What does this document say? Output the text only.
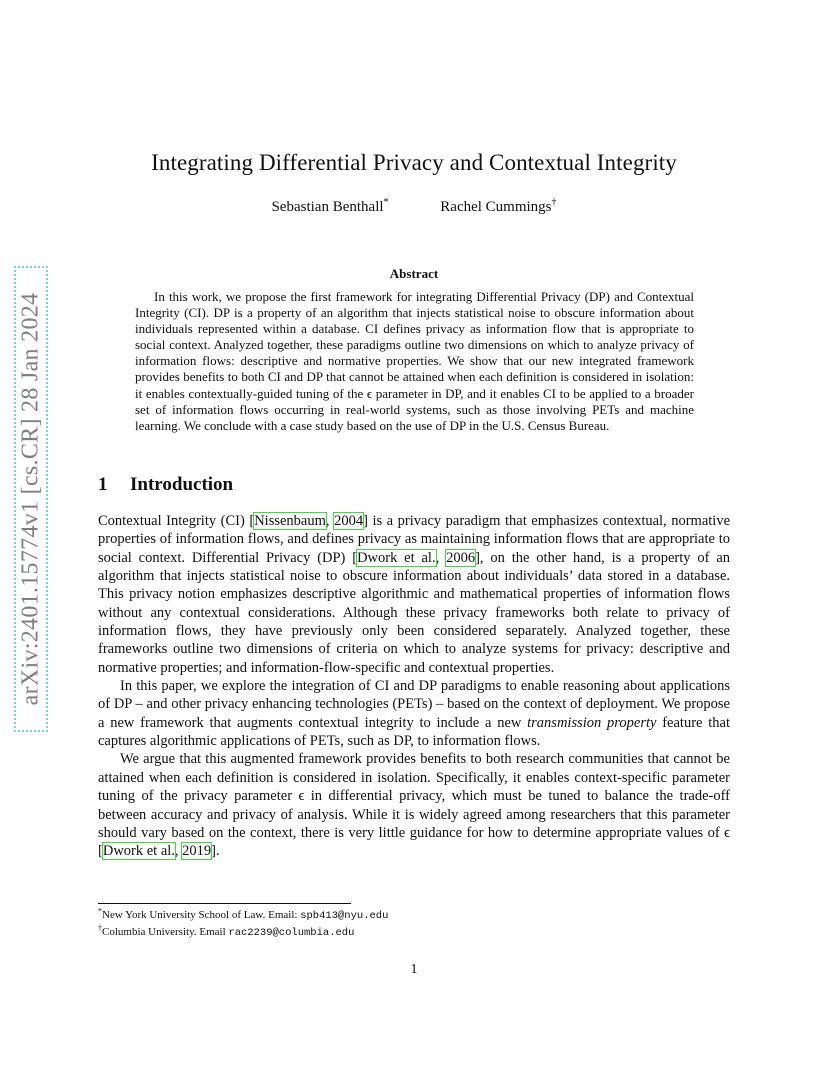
arXiv:2401.15774v1 [cs.CR] 28 Jan 2024
Integrating Differential Privacy and Contextual Integrity
Sebastian Benthall*	Rachel Cummings†
Abstract
In this work, we propose the first framework for integrating Differential Privacy (DP) and Contextual Integrity (CI). DP is a property of an algorithm that injects statistical noise to obscure information about individuals represented within a database. CI defines privacy as information flow that is appropriate to social context. Analyzed together, these paradigms outline two dimensions on which to analyze privacy of information flows: descriptive and normative properties. We show that our new integrated framework provides benefits to both CI and DP that cannot be attained when each definition is considered in isolation: it enables contextually-guided tuning of the ϵ parameter in DP, and it enables CI to be applied to a broader set of information flows occurring in real-world systems, such as those involving PETs and machine learning. We conclude with a case study based on the use of DP in the U.S. Census Bureau.
1 Introduction

Contextual Integrity (CI) [Nissenbaum, 2004] is a privacy paradigm that emphasizes contextual, normative properties of information flows, and defines privacy as maintaining information flows that are appropriate to social context. Differential Privacy (DP) [Dwork et al., 2006], on the other hand, is a property of an algorithm that injects statistical noise to obscure information about individuals’ data stored in a database. This privacy notion emphasizes descriptive algorithmic and mathematical properties of information flows without any contextual considerations. Although these privacy frameworks both relate to privacy of information flows, they have previously only been considered separately. Analyzed together, these frameworks outline two dimensions of criteria on which to analyze systems for privacy: descriptive and normative properties; and information-flow-specific and contextual properties.

In this paper, we explore the integration of CI and DP paradigms to enable reasoning about applications of DP – and other privacy enhancing technologies (PETs) – based on the context of deployment. We propose a new framework that augments contextual integrity to include a new transmission property feature that captures algorithmic applications of PETs, such as DP, to information flows.

We argue that this augmented framework provides benefits to both research communities that cannot be attained when each definition is considered in isolation. Specifically, it enables context-specific parameter tuning of the privacy parameter ϵ in differential privacy, which must be tuned to balance the trade-off between accuracy and privacy of analysis. While it is widely agreed among researchers that this parameter should vary based on the context, there is very little guidance for how to determine appropriate values of ϵ [Dwork et al., 2019].

*New York University School of Law. Email: spb413@nyu.edu
†Columbia University. Email rac2239@columbia.edu
1
